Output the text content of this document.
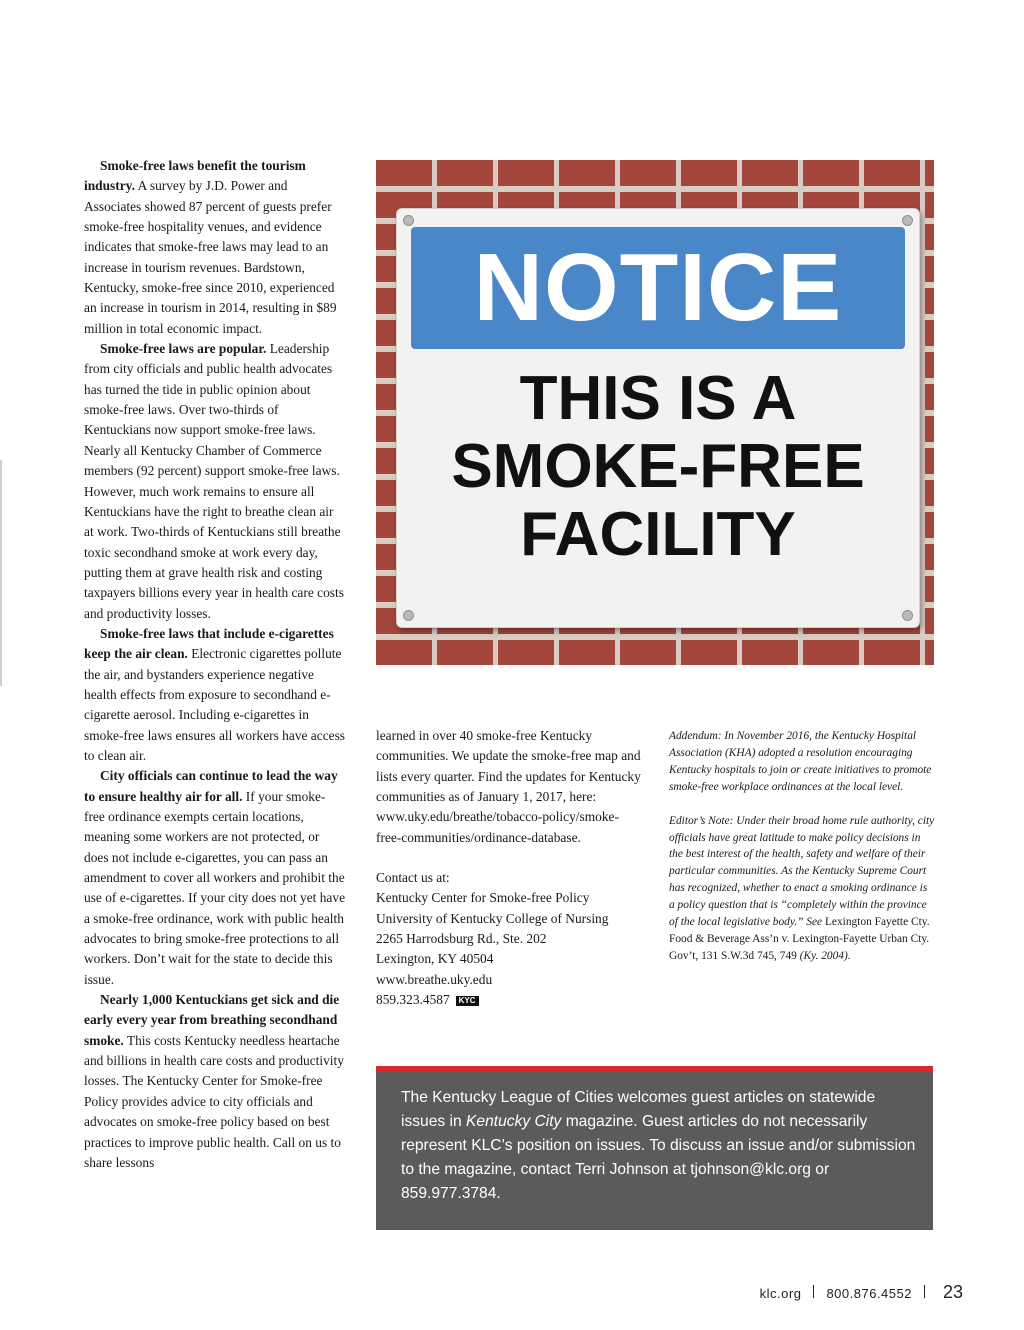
Smoke-free laws benefit the tourism industry. A survey by J.D. Power and Associates showed 87 percent of guests prefer smoke-free hospitality venues, and evidence indicates that smoke-free laws may lead to an increase in tourism revenues. Bardstown, Kentucky, smoke-free since 2010, experienced an increase in tourism in 2014, resulting in $89 million in total economic impact.

Smoke-free laws are popular. Leadership from city officials and public health advocates has turned the tide in public opinion about smoke-free laws. Over two-thirds of Kentuckians now support smoke-free laws. Nearly all Kentucky Chamber of Commerce members (92 percent) support smoke-free laws. However, much work remains to ensure all Kentuckians have the right to breathe clean air at work. Two-thirds of Kentuckians still breathe toxic secondhand smoke at work every day, putting them at grave health risk and costing taxpayers billions every year in health care costs and productivity losses.

Smoke-free laws that include e-cigarettes keep the air clean. Electronic cigarettes pollute the air, and bystanders experience negative health effects from exposure to secondhand e-cigarette aerosol. Including e-cigarettes in smoke-free laws ensures all workers have access to clean air.

City officials can continue to lead the way to ensure healthy air for all. If your smoke-free ordinance exempts certain locations, meaning some workers are not protected, or does not include e-cigarettes, you can pass an amendment to cover all workers and prohibit the use of e-cigarettes. If your city does not yet have a smoke-free ordinance, work with public health advocates to bring smoke-free protections to all workers. Don’t wait for the state to decide this issue.

Nearly 1,000 Kentuckians get sick and die early every year from breathing secondhand smoke. This costs Kentucky needless heartache and billions in health care costs and productivity losses. The Kentucky Center for Smoke-free Policy provides advice to city officials and advocates on smoke-free policy based on best practices to improve public health. Call on us to share lessons

NOTICE
THIS IS A
SMOKE-FREE
FACILITY

learned in over 40 smoke-free Kentucky communities. We update the smoke-free map and lists every quarter. Find the updates for Kentucky communities as of January 1, 2017, here: www.uky.edu/breathe/tobacco-policy/smoke-free-communities/ordinance-database.

Contact us at:

Kentucky Center for Smoke-free Policy

University of Kentucky College of Nursing

2265 Harrodsburg Rd., Ste. 202

Lexington, KY 40504

www.breathe.uky.edu

859.323.4587 KYC

Addendum: In November 2016, the Kentucky Hospital Association (KHA) adopted a resolution encouraging Kentucky hospitals to join or create initiatives to promote smoke-free workplace ordinances at the local level.

Editor’s Note: Under their broad home rule authority, city officials have great latitude to make policy decisions in the best interest of the health, safety and welfare of their particular communities. As the Kentucky Supreme Court has recognized, whether to enact a smoking ordinance is a policy question that is “completely within the province of the local legislative body.” See Lexington Fayette Cty. Food & Beverage Ass’n v. Lexington-Fayette Urban Cty. Gov’t, 131 S.W.3d 745, 749 (Ky. 2004).

The Kentucky League of Cities welcomes guest articles on statewide issues in Kentucky City magazine. Guest articles do not necessarily represent KLC’s position on issues. To discuss an issue and/or submission to the magazine, contact Terri Johnson at tjohnson@klc.org or 859.977.3784.
klc.org 800.876.4552 23
